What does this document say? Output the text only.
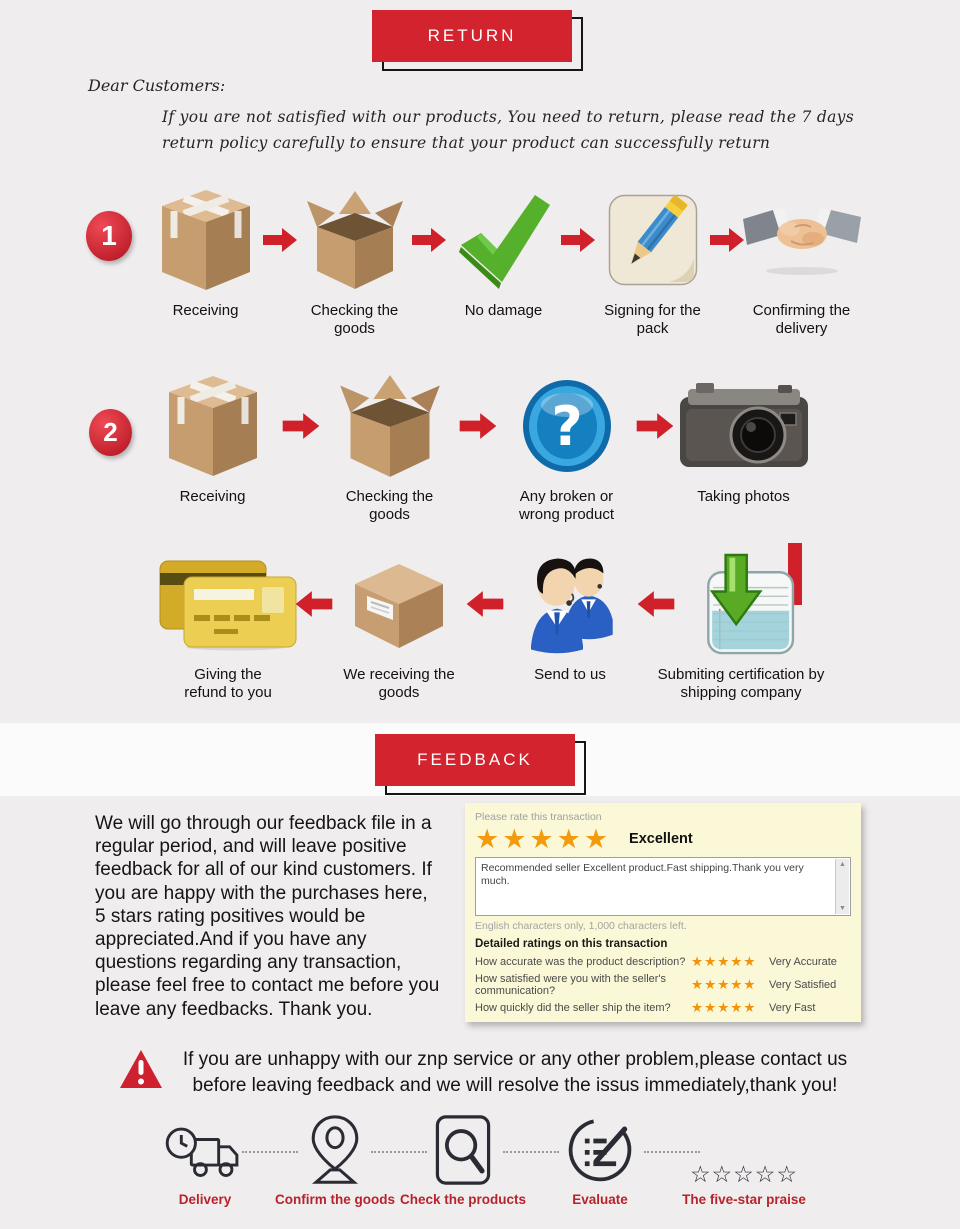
RETURN
Dear Customers:
If you are not satisfied with our products, You need to return, please read the 7 days
return policy carefully to ensure that your product can successfully return
1
2
Receiving	Checking the goods
No damage	Signing for the pack
Confirming the delivery
Receiving	Checking the goods
?
Any broken or wrong product
Taking photos
Giving the refund to you
We receiving the goods
Send to us	Submiting certification by shipping company
FEEDBACK
We will go through our feedback file in a regular period, and will leave positive feedback for all of our kind customers. If you are happy with the purchases here, 5 stars rating positives would be appreciated.And if you have any questions regarding any transaction, please feel free to contact me before you leave any feedbacks. Thank you.
Please rate this transaction
★★★★★ Excellent
Recommended seller Excellent product.Fast shipping.Thank you very much.
▲
▼
English characters only, 1,000 characters left.
Detailed ratings on this transaction
How accurate was the product description? ★★★★★	Very Accurate
How satisfied were you with the seller's communication?	★★★★★	Very Satisfied
How quickly did the seller ship the item?	★★★★★	Very Fast
If you are unhappy with our znp service or any other problem,please contact us
before leaving feedback and we will resolve the issus immediately,thank you!
Delivery	Confirm the goods Check the products	Evaluate
☆☆☆☆☆
The five-star praise
